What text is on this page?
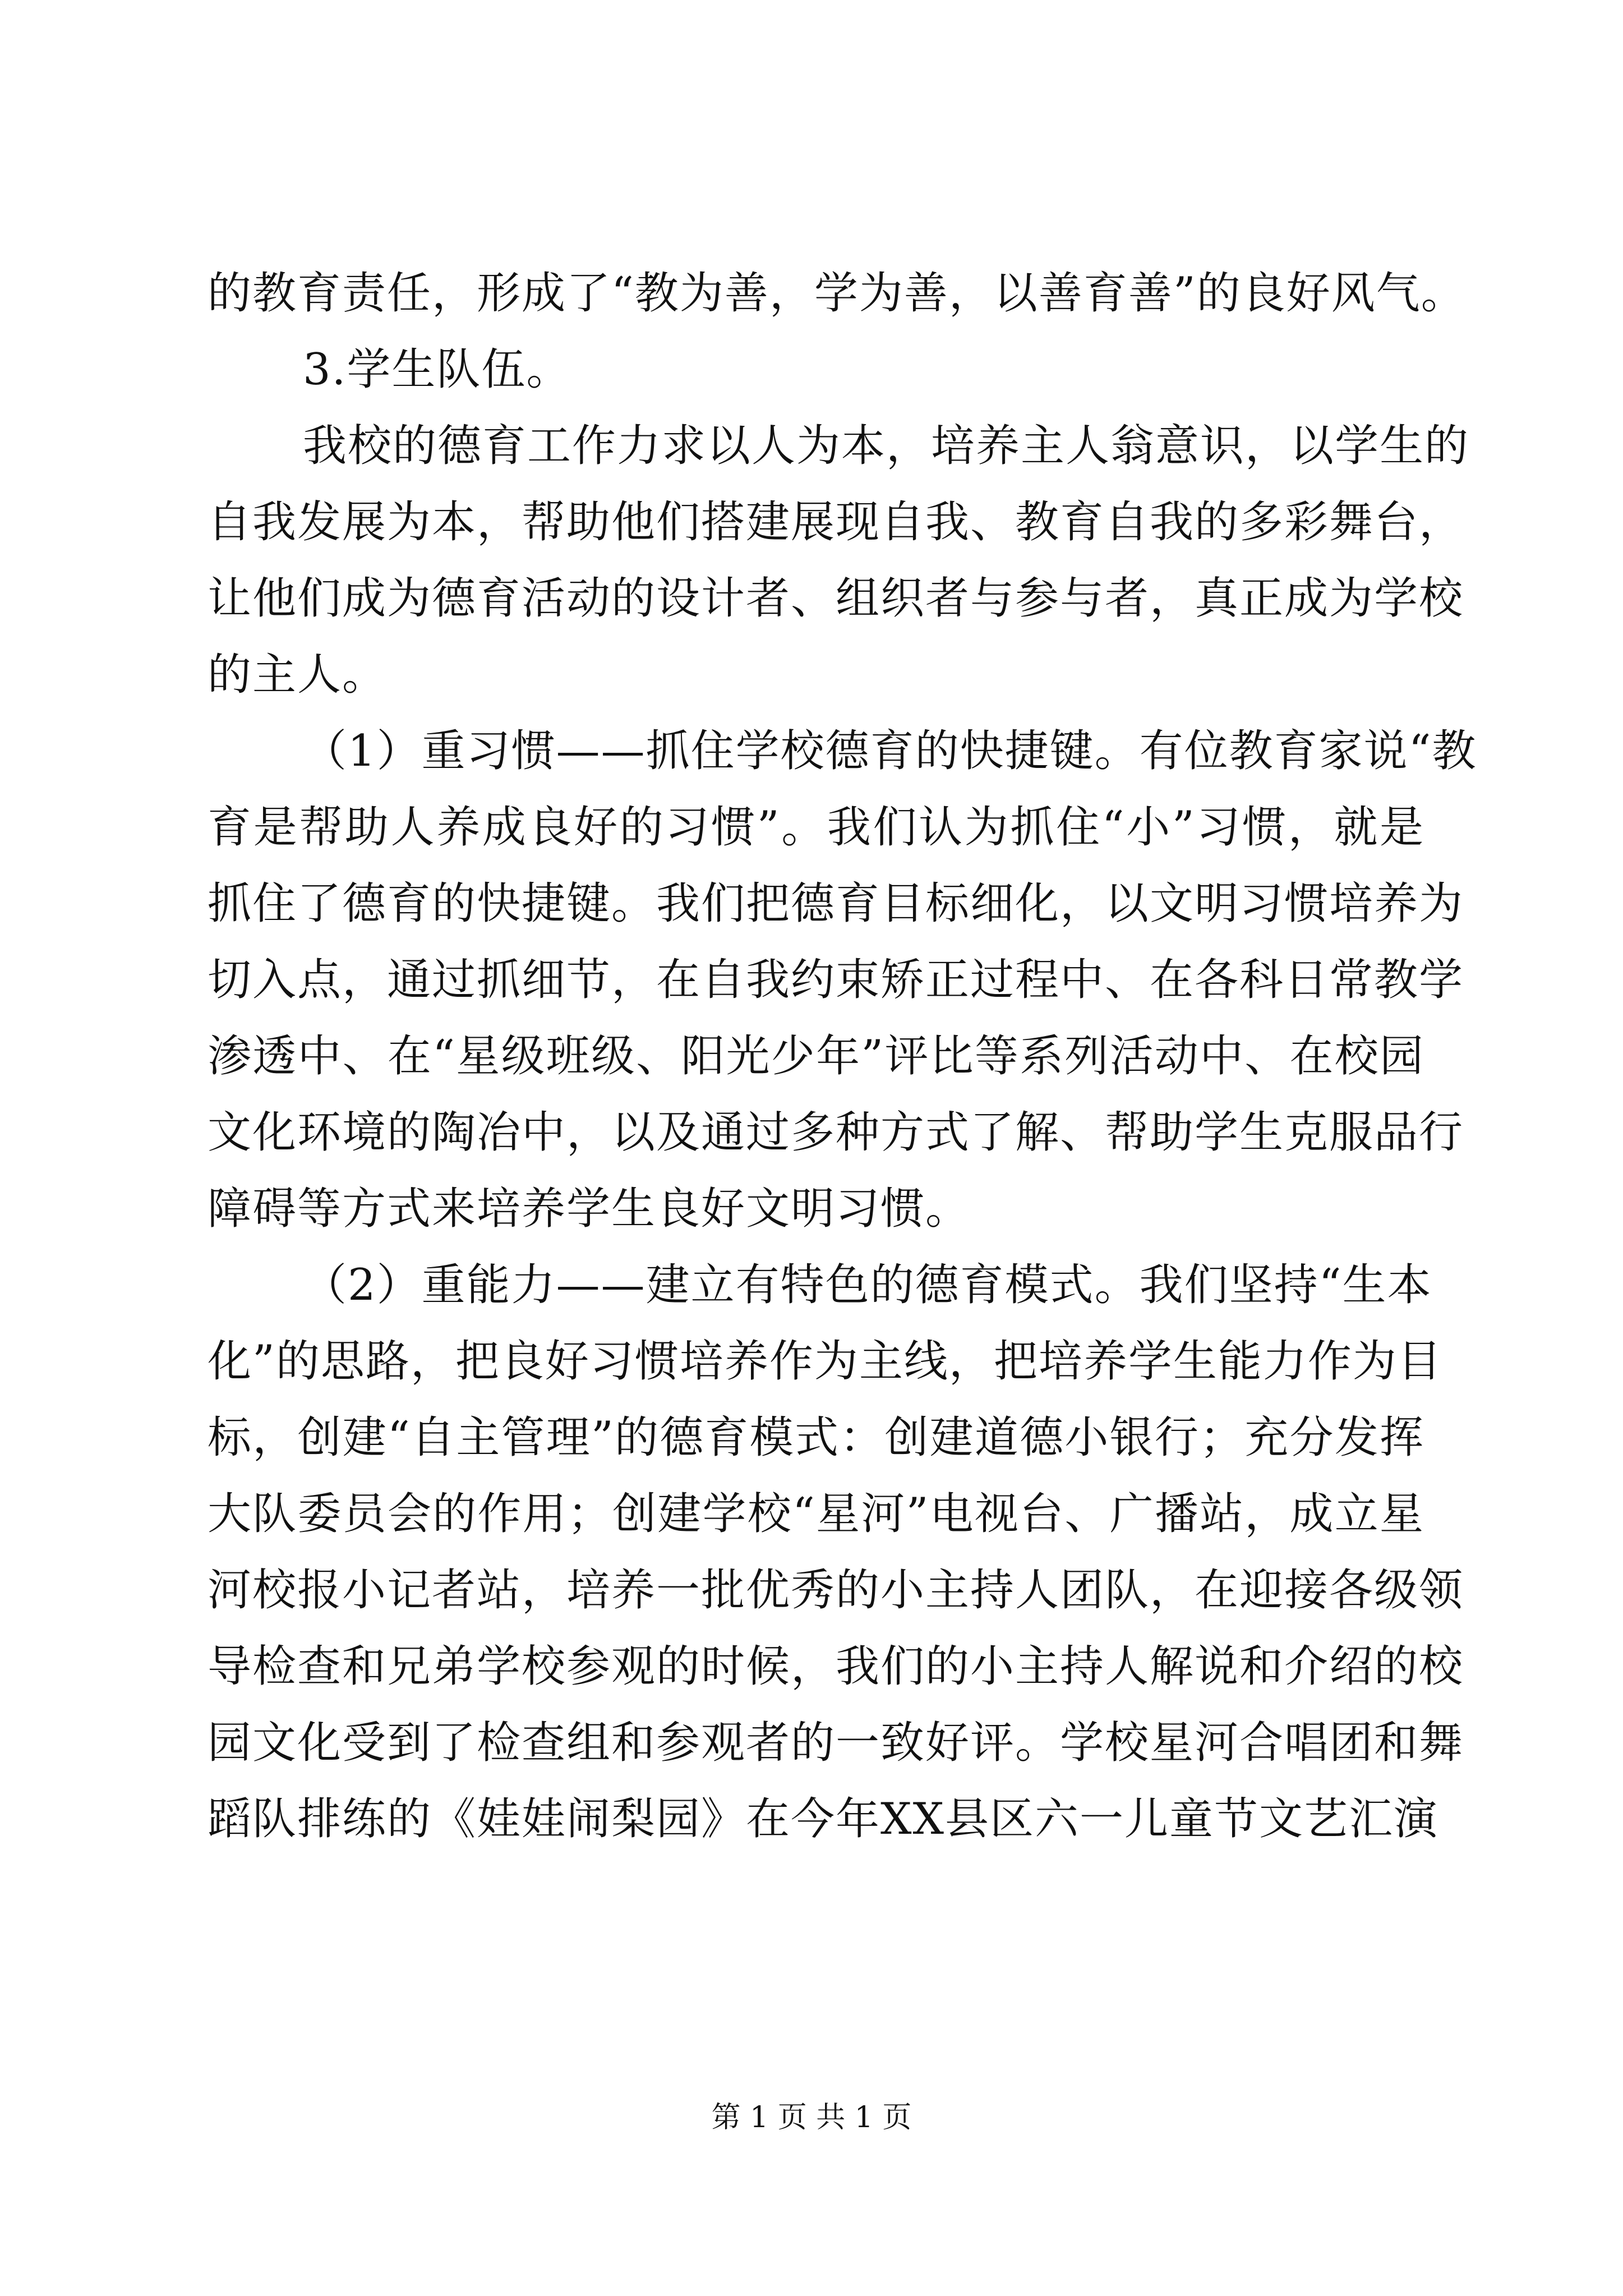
的教育责任，形成了“教为善，学为善，以善育善”的良好风气。
3.学生队伍。
我校的德育工作力求以人为本，培养主人翁意识，以学生的
自我发展为本，帮助他们搭建展现自我、教育自我的多彩舞台，
让他们成为德育活动的设计者、组织者与参与者，真正成为学校
的主人。
（1）重习惯——抓住学校德育的快捷键。有位教育家说“教
育是帮助人养成良好的习惯”。我们认为抓住“小”习惯，就是
抓住了德育的快捷键。我们把德育目标细化，以文明习惯培养为
切入点，通过抓细节，在自我约束矫正过程中、在各科日常教学
渗透中、在“星级班级、阳光少年”评比等系列活动中、在校园
文化环境的陶冶中，以及通过多种方式了解、帮助学生克服品行
障碍等方式来培养学生良好文明习惯。
（2）重能力——建立有特色的德育模式。我们坚持“生本
化”的思路，把良好习惯培养作为主线，把培养学生能力作为目
标，创建“自主管理”的德育模式：创建道德小银行；充分发挥
大队委员会的作用；创建学校“星河”电视台、广播站，成立星
河校报小记者站，培养一批优秀的小主持人团队，在迎接各级领
导检查和兄弟学校参观的时候，我们的小主持人解说和介绍的校
园文化受到了检查组和参观者的一致好评。学校星河合唱团和舞
蹈队排练的《娃娃闹梨园》在今年XX县区六一儿童节文艺汇演
第 1 页 共 1 页
